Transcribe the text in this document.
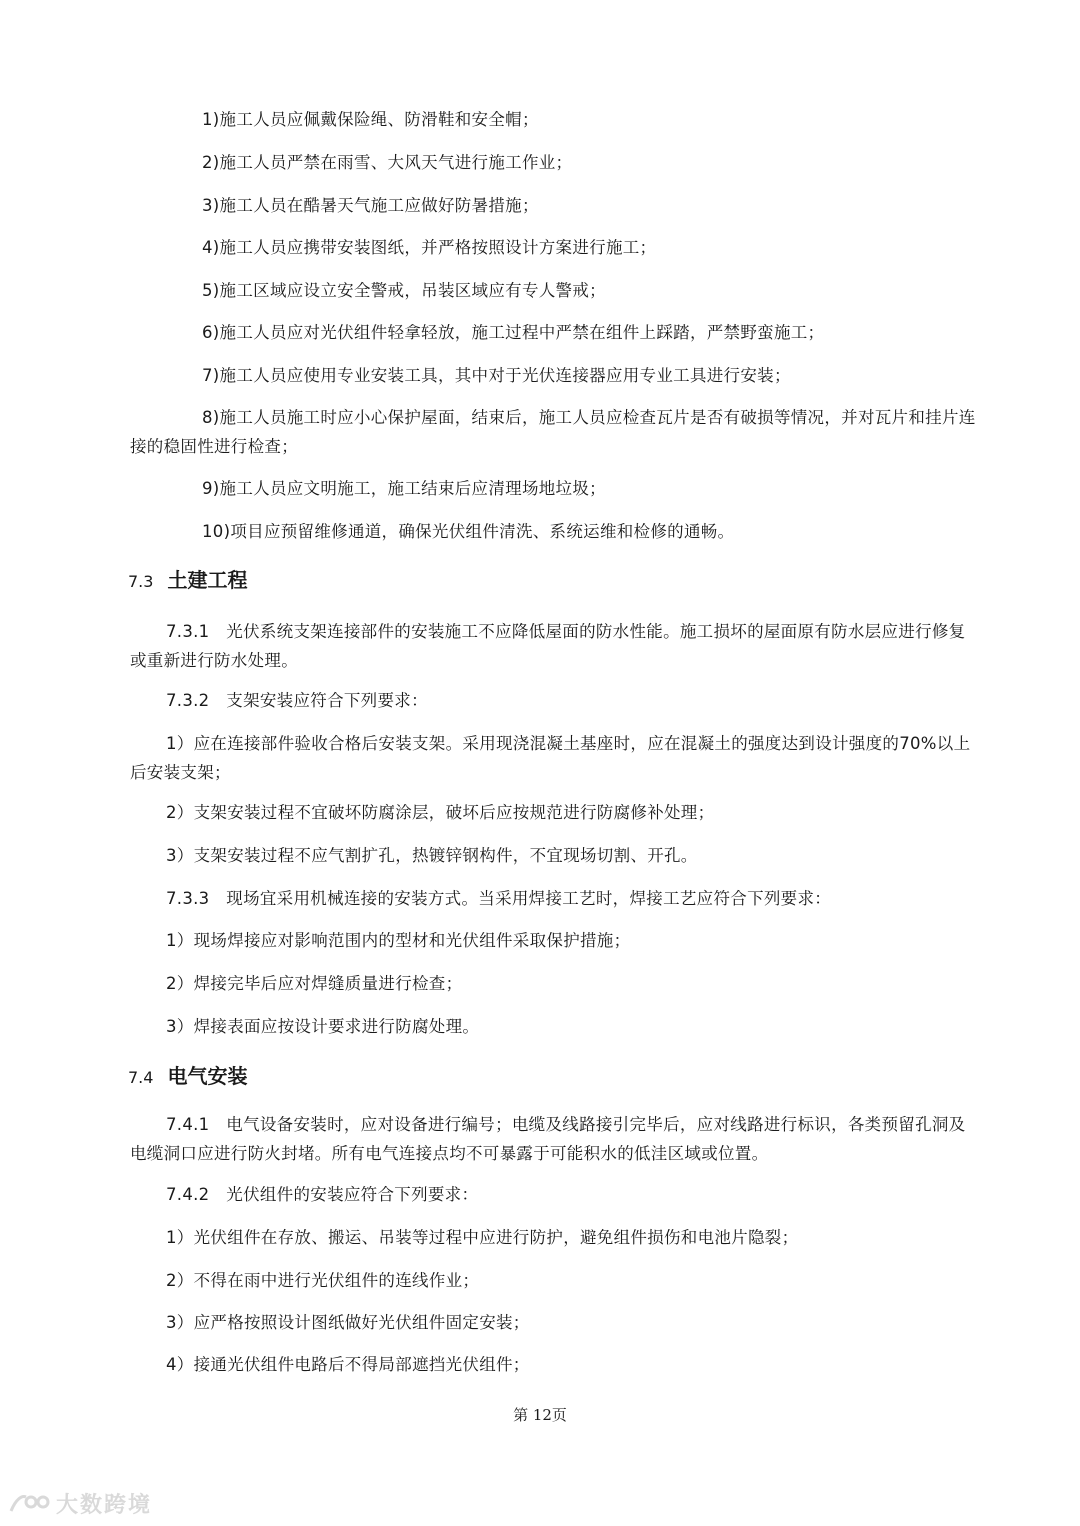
1)施工人员应佩戴保险绳、防滑鞋和安全帽；
2)施工人员严禁在雨雪、大风天气进行施工作业；
3)施工人员在酷暑天气施工应做好防暑措施；
4)施工人员应携带安装图纸，并严格按照设计方案进行施工；
5)施工区域应设立安全警戒，吊装区域应有专人警戒；
6)施工人员应对光伏组件轻拿轻放，施工过程中严禁在组件上踩踏，严禁野蛮施工；
7)施工人员应使用专业安装工具，其中对于光伏连接器应用专业工具进行安装；
8)施工人员施工时应小心保护屋面，结束后，施工人员应检查瓦片是否有破损等情况，并对瓦片和挂片连接的稳固性进行检查；
9)施工人员应文明施工，施工结束后应清理场地垃圾；
10)项目应预留维修通道，确保光伏组件清洗、系统运维和检修的通畅。
7.3 土建工程
7.3.1　光伏系统支架连接部件的安装施工不应降低屋面的防水性能。施工损坏的屋面原有防水层应进行修复或重新进行防水处理。
7.3.2　支架安装应符合下列要求：
1）应在连接部件验收合格后安装支架。采用现浇混凝土基座时，应在混凝土的强度达到设计强度的70%以上后安装支架；
2）支架安装过程不宜破坏防腐涂层，破坏后应按规范进行防腐修补处理；
3）支架安装过程不应气割扩孔，热镀锌钢构件，不宜现场切割、开孔。
7.3.3　现场宜采用机械连接的安装方式。当采用焊接工艺时，焊接工艺应符合下列要求：
1）现场焊接应对影响范围内的型材和光伏组件采取保护措施；
2）焊接完毕后应对焊缝质量进行检查；
3）焊接表面应按设计要求进行防腐处理。
7.4 电气安装
7.4.1　电气设备安装时，应对设备进行编号；电缆及线路接引完毕后，应对线路进行标识，各类预留孔洞及电缆洞口应进行防火封堵。所有电气连接点均不可暴露于可能积水的低洼区域或位置。
7.4.2　光伏组件的安装应符合下列要求：
1）光伏组件在存放、搬运、吊装等过程中应进行防护，避免组件损伤和电池片隐裂；
2）不得在雨中进行光伏组件的连线作业；
3）应严格按照设计图纸做好光伏组件固定安装；
4）接通光伏组件电路后不得局部遮挡光伏组件；
第 12页
大数跨境
